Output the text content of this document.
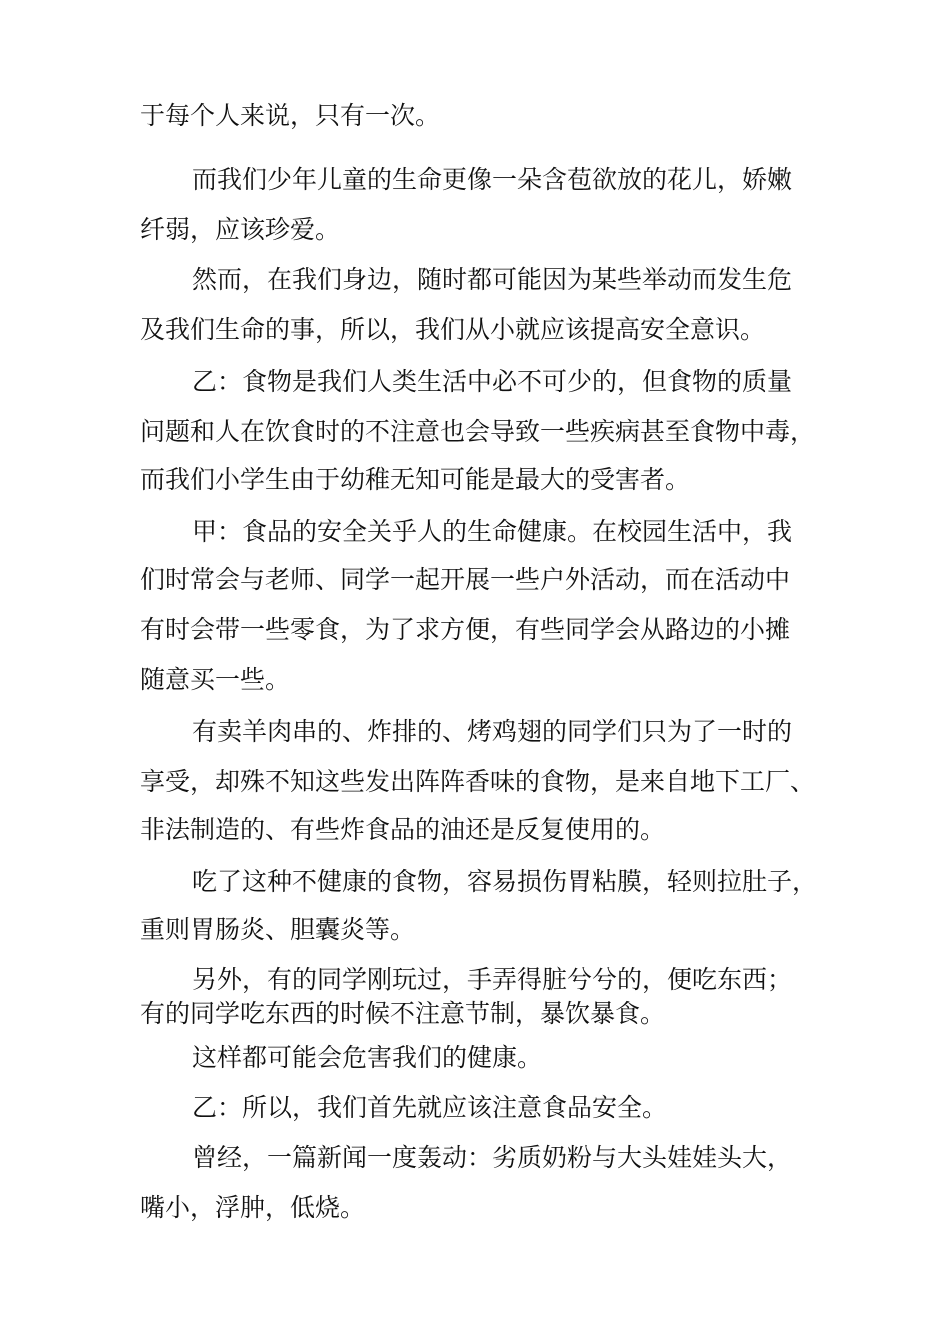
于每个人来说，只有一次。
而我们少年儿童的生命更像一朵含苞欲放的花儿，娇嫩
纤弱，应该珍爱。
然而，在我们身边，随时都可能因为某些举动而发生危
及我们生命的事，所以，我们从小就应该提高安全意识。
乙：食物是我们人类生活中必不可少的，但食物的质量
问题和人在饮食时的不注意也会导致一些疾病甚至食物中毒，
而我们小学生由于幼稚无知可能是最大的受害者。
甲：食品的安全关乎人的生命健康。在校园生活中，我
们时常会与老师、同学一起开展一些户外活动，而在活动中
有时会带一些零食，为了求方便，有些同学会从路边的小摊
随意买一些。
有卖羊肉串的、炸排的、烤鸡翅的同学们只为了一时的
享受，却殊不知这些发出阵阵香味的食物，是来自地下工厂、
非法制造的、有些炸食品的油还是反复使用的。
吃了这种不健康的食物，容易损伤胃粘膜，轻则拉肚子，
重则胃肠炎、胆囊炎等。
另外，有的同学刚玩过，手弄得脏兮兮的，便吃东西；
有的同学吃东西的时候不注意节制，暴饮暴食。
这样都可能会危害我们的健康。
乙：所以，我们首先就应该注意食品安全。
曾经，一篇新闻一度轰动：劣质奶粉与大头娃娃头大，
嘴小，浮肿，低烧。
